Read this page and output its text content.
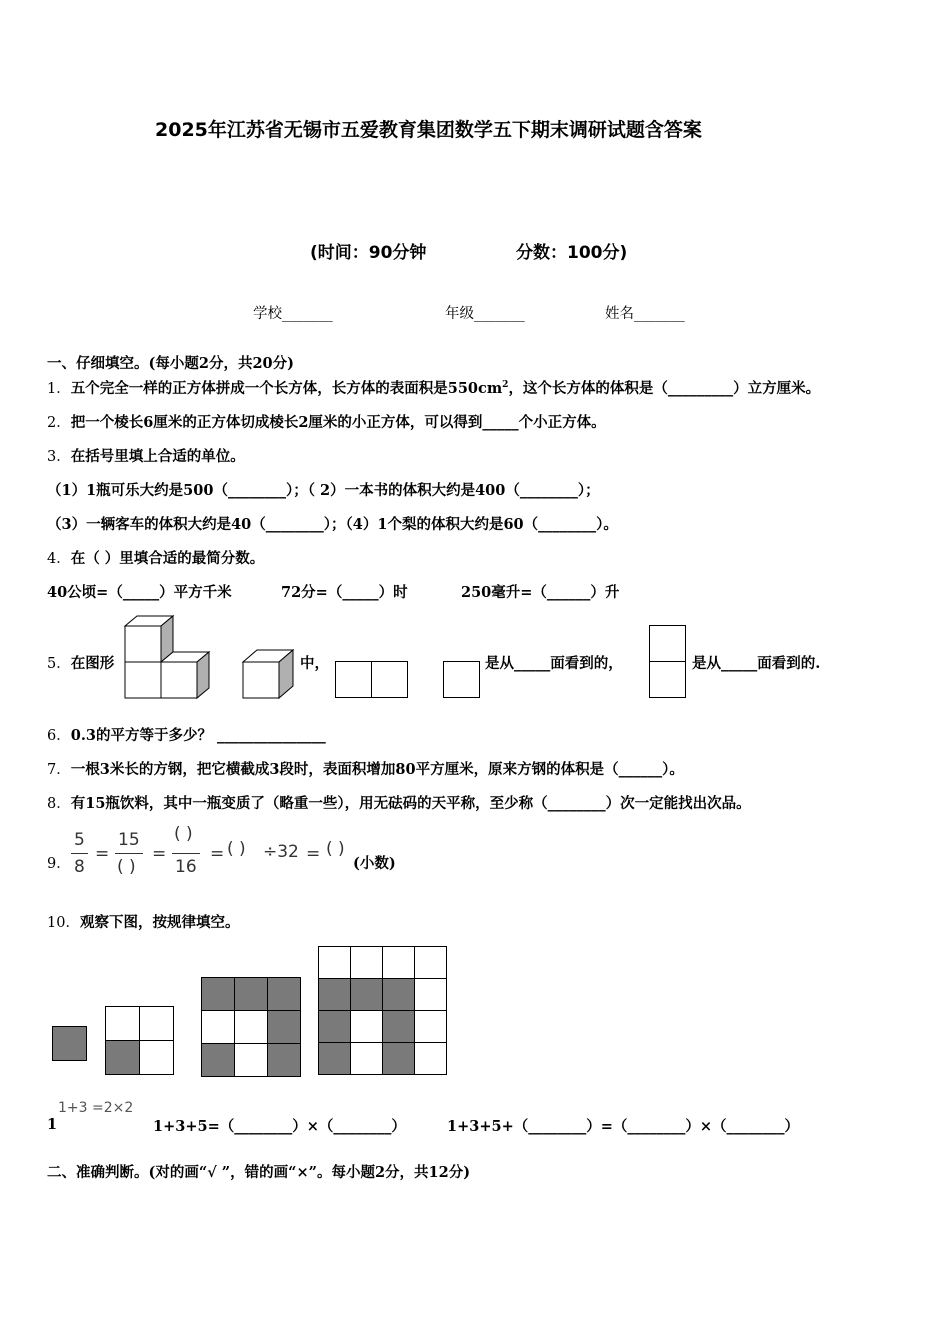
2025年江苏省无锡市五爱教育集团数学五下期末调研试题含答案
(时间：90分钟	分数：100分)
学校_______	年级_______	姓名_______
一、仔细填空。(每小题2分，共20分)
1．五个完全一样的正方体拼成一个长方体，长方体的表面积是$550cm^2$，这个长方体的体积是（_________）立方厘米。
2．把一个棱长6厘米的正方体切成棱长2厘米的小正方体，可以得到_____个小正方体。
3．在括号里填上合适的单位。
（1）1瓶可乐大约是500（________）；（ 2）一本书的体积大约是400（________）；
（3）一辆客车的体积大约是40（________）；（4）1个梨的体积大约是60（________）。
4．在（ ）里填合适的最简分数。
40公顷=（_____）平方千米	72分=（_____）时	250毫升=（______）升
5．在图形	中，	是从_____面看到的，	是从_____面看到的.
6．0.3的平方等于多少？ _______________
7．一根3米长的方钢，把它横截成3段时，表面积增加80平方厘米，原来方钢的体积是（______）。
8．有15瓶饮料，其中一瓶变质了（略重一些），用无砝码的天平称，至少称（________）次一定能找出次品。
9．
5
8
=
15
( )
=
( )
16
= ( ) ÷32 = ( )
(小数)
10．观察下图，按规律填空。
1
1+3 =2×2
1+3+5=（________）×（________）	1+3+5+（________）=（________）×（________）
二、准确判断。(对的画“√ ”，错的画“×”。每小题2分，共12分)
